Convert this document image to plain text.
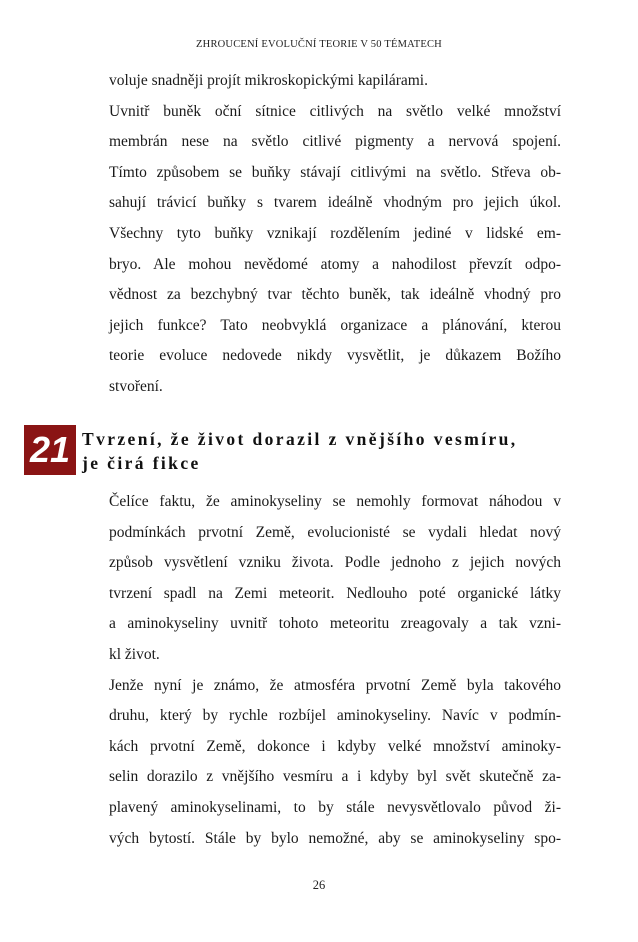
ZHROUCENÍ EVOLUČNÍ TEORIE V 50 TÉMATECH
voluje snadněji projít mikroskopickými kapilárami.
Uvnitř buněk oční sítnice citlivých na světlo velké množství
membrán nese na světlo citlivé pigmenty a nervová spojení.
Tímto způsobem se buňky stávají citlivými na světlo. Střeva ob-
sahují trávicí buňky s tvarem ideálně vhodným pro jejich úkol.
Všechny tyto buňky vznikají rozdělením jediné v lidské em-
bryo. Ale mohou nevědomé atomy a nahodilost převzít odpo-
vědnost za bezchybný tvar těchto buněk, tak ideálně vhodný pro
jejich funkce? Tato neobvyklá organizace a plánování, kterou
teorie evoluce nedovede nikdy vysvětlit, je důkazem Božího
stvoření.
21 Tvrzení, že život dorazil z vnějšího vesmíru,
je čirá fikce
Čelíce faktu, že aminokyseliny se nemohly formovat náhodou v
podmínkách prvotní Země, evolucionisté se vydali hledat nový
způsob vysvětlení vzniku života. Podle jednoho z jejich nových
tvrzení spadl na Zemi meteorit. Nedlouho poté organické látky
a aminokyseliny uvnitř tohoto meteoritu zreagovaly a tak vzni-
kl život.
Jenže nyní je známo, že atmosféra prvotní Země byla takového
druhu, který by rychle rozbíjel aminokyseliny. Navíc v podmín-
kách prvotní Země, dokonce i kdyby velké množství aminoky-
selin dorazilo z vnějšího vesmíru a i kdyby byl svět skutečně za-
plavený aminokyselinami, to by stále nevysvětlovalo původ ži-
vých bytostí. Stále by bylo nemožné, aby se aminokyseliny spo-
26
